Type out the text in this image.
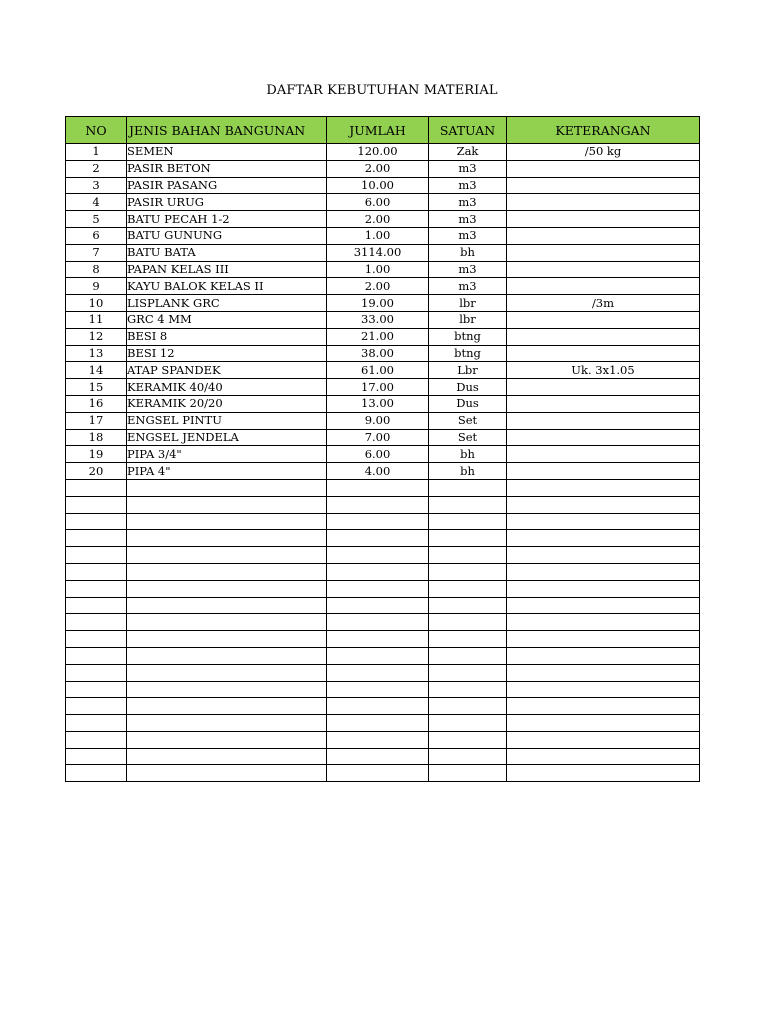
DAFTAR KEBUTUHAN MATERIAL
NO	JENIS BAHAN BANGUNAN	JUMLAH	SATUAN	KETERANGAN
1	SEMEN	120.00	Zak	/50 kg
2	PASIR BETON	2.00	m3	
3	PASIR PASANG	10.00	m3	
4	PASIR URUG	6.00	m3	
5	BATU PECAH 1-2	2.00	m3	
6	BATU GUNUNG	1.00	m3	
7	BATU BATA	3114.00	bh	
8	PAPAN KELAS III	1.00	m3	
9	KAYU BALOK KELAS II	2.00	m3	
10	LISPLANK GRC	19.00	lbr	/3m
11	GRC 4 MM	33.00	lbr	
12	BESI 8	21.00	btng	
13	BESI 12	38.00	btng	
14	ATAP SPANDEK	61.00	Lbr	Uk. 3x1.05
15	KERAMIK 40/40	17.00	Dus	
16	KERAMIK 20/20	13.00	Dus	
17	ENGSEL PINTU	9.00	Set	
18	ENGSEL JENDELA	7.00	Set	
19	PIPA 3/4"	6.00	bh	
20	PIPA 4"	4.00	bh	
